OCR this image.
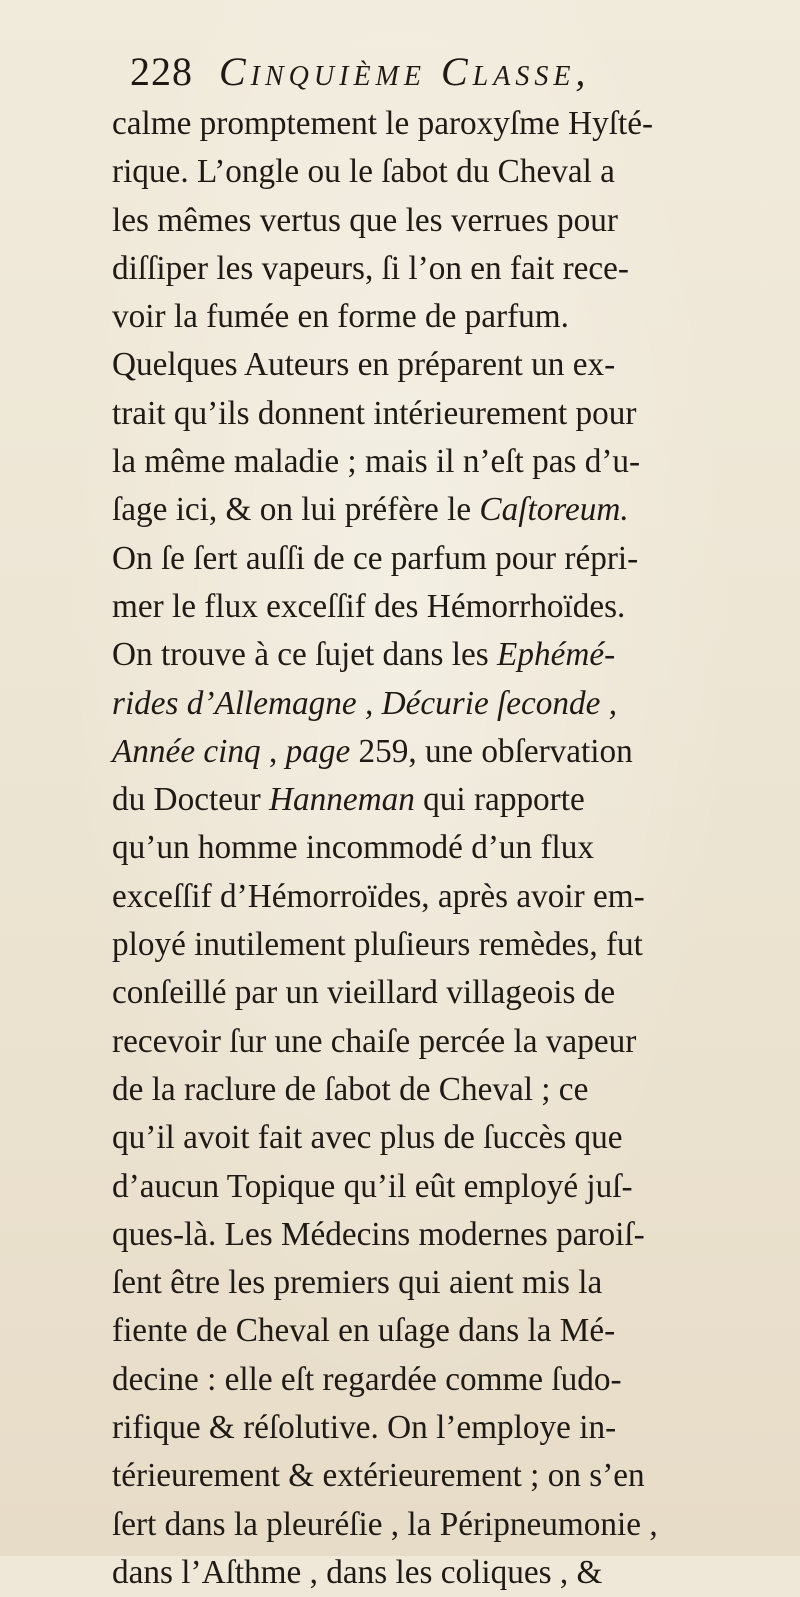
228 Cinquième Classe,
calme promptement le paroxyſme Hyſté-
rique. L’ongle ou le ſabot du Cheval a
les mêmes vertus que les verrues pour
diſſiper les vapeurs, ſi l’on en fait rece-
voir la fumée en forme de parfum.
Quelques Auteurs en préparent un ex-
trait qu’ils donnent intérieurement pour
la même maladie ; mais il n’eſt pas d’u-
ſage ici, & on lui préfère le Caſtoreum.
On ſe ſert auſſi de ce parfum pour répri-
mer le flux exceſſif des Hémorrhoïdes.
On trouve à ce ſujet dans les Ephémé-
rides d’Allemagne , Décurie ſeconde ,
Année cinq , page 259, une obſervation
du Docteur Hanneman qui rapporte
qu’un homme incommodé d’un flux
exceſſif d’Hémorroïdes, après avoir em-
ployé inutilement pluſieurs remèdes, fut
conſeillé par un vieillard villageois de
recevoir ſur une chaiſe percée la vapeur
de la raclure de ſabot de Cheval ; ce
qu’il avoit fait avec plus de ſuccès que
d’aucun Topique qu’il eût employé juſ-
ques-là. Les Médecins modernes paroiſ-
ſent être les premiers qui aient mis la
fiente de Cheval en uſage dans la Mé-
decine : elle eſt regardée comme ſudo-
rifique & réſolutive. On l’employe in-
térieurement & extérieurement ; on s’en
ſert dans la pleuréſie , la Péripneumonie ,
dans l’Aſthme , dans les coliques , &
